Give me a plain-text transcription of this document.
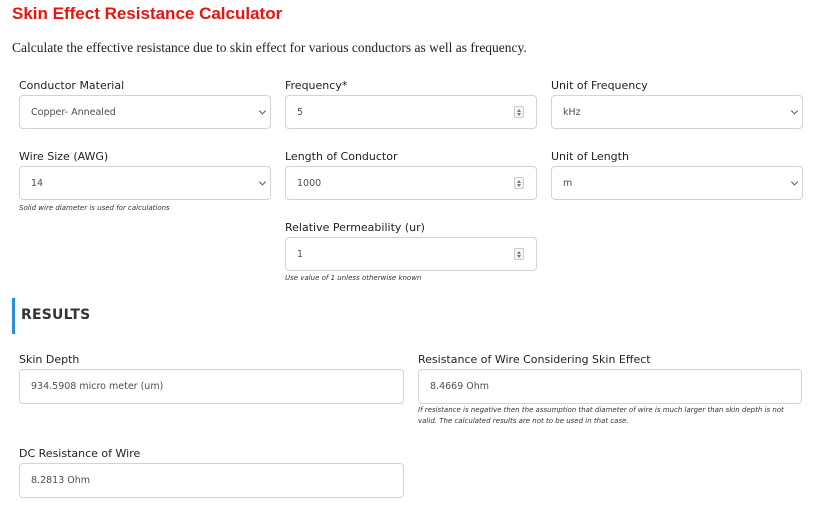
Skin Effect Resistance Calculator
Calculate the effective resistance due to skin effect for various conductors as well as frequency.
Conductor Material
Copper- Annealed
Frequency*
5
Unit of Frequency
kHz
Wire Size (AWG)
14
Solid wire diameter is used for calculations
Length of Conductor
1000
Unit of Length
m
Relative Permeability (ur)
1
Use value of 1 unless otherwise known
RESULTS
Skin Depth
934.5908 micro meter (um)
Resistance of Wire Considering Skin Effect
8.4669 Ohm
If resistance is negative then the assumption that diameter of wire is much larger than skin depth is not valid. The calculated results are not to be used in that case.
DC Resistance of Wire
8.2813 Ohm
